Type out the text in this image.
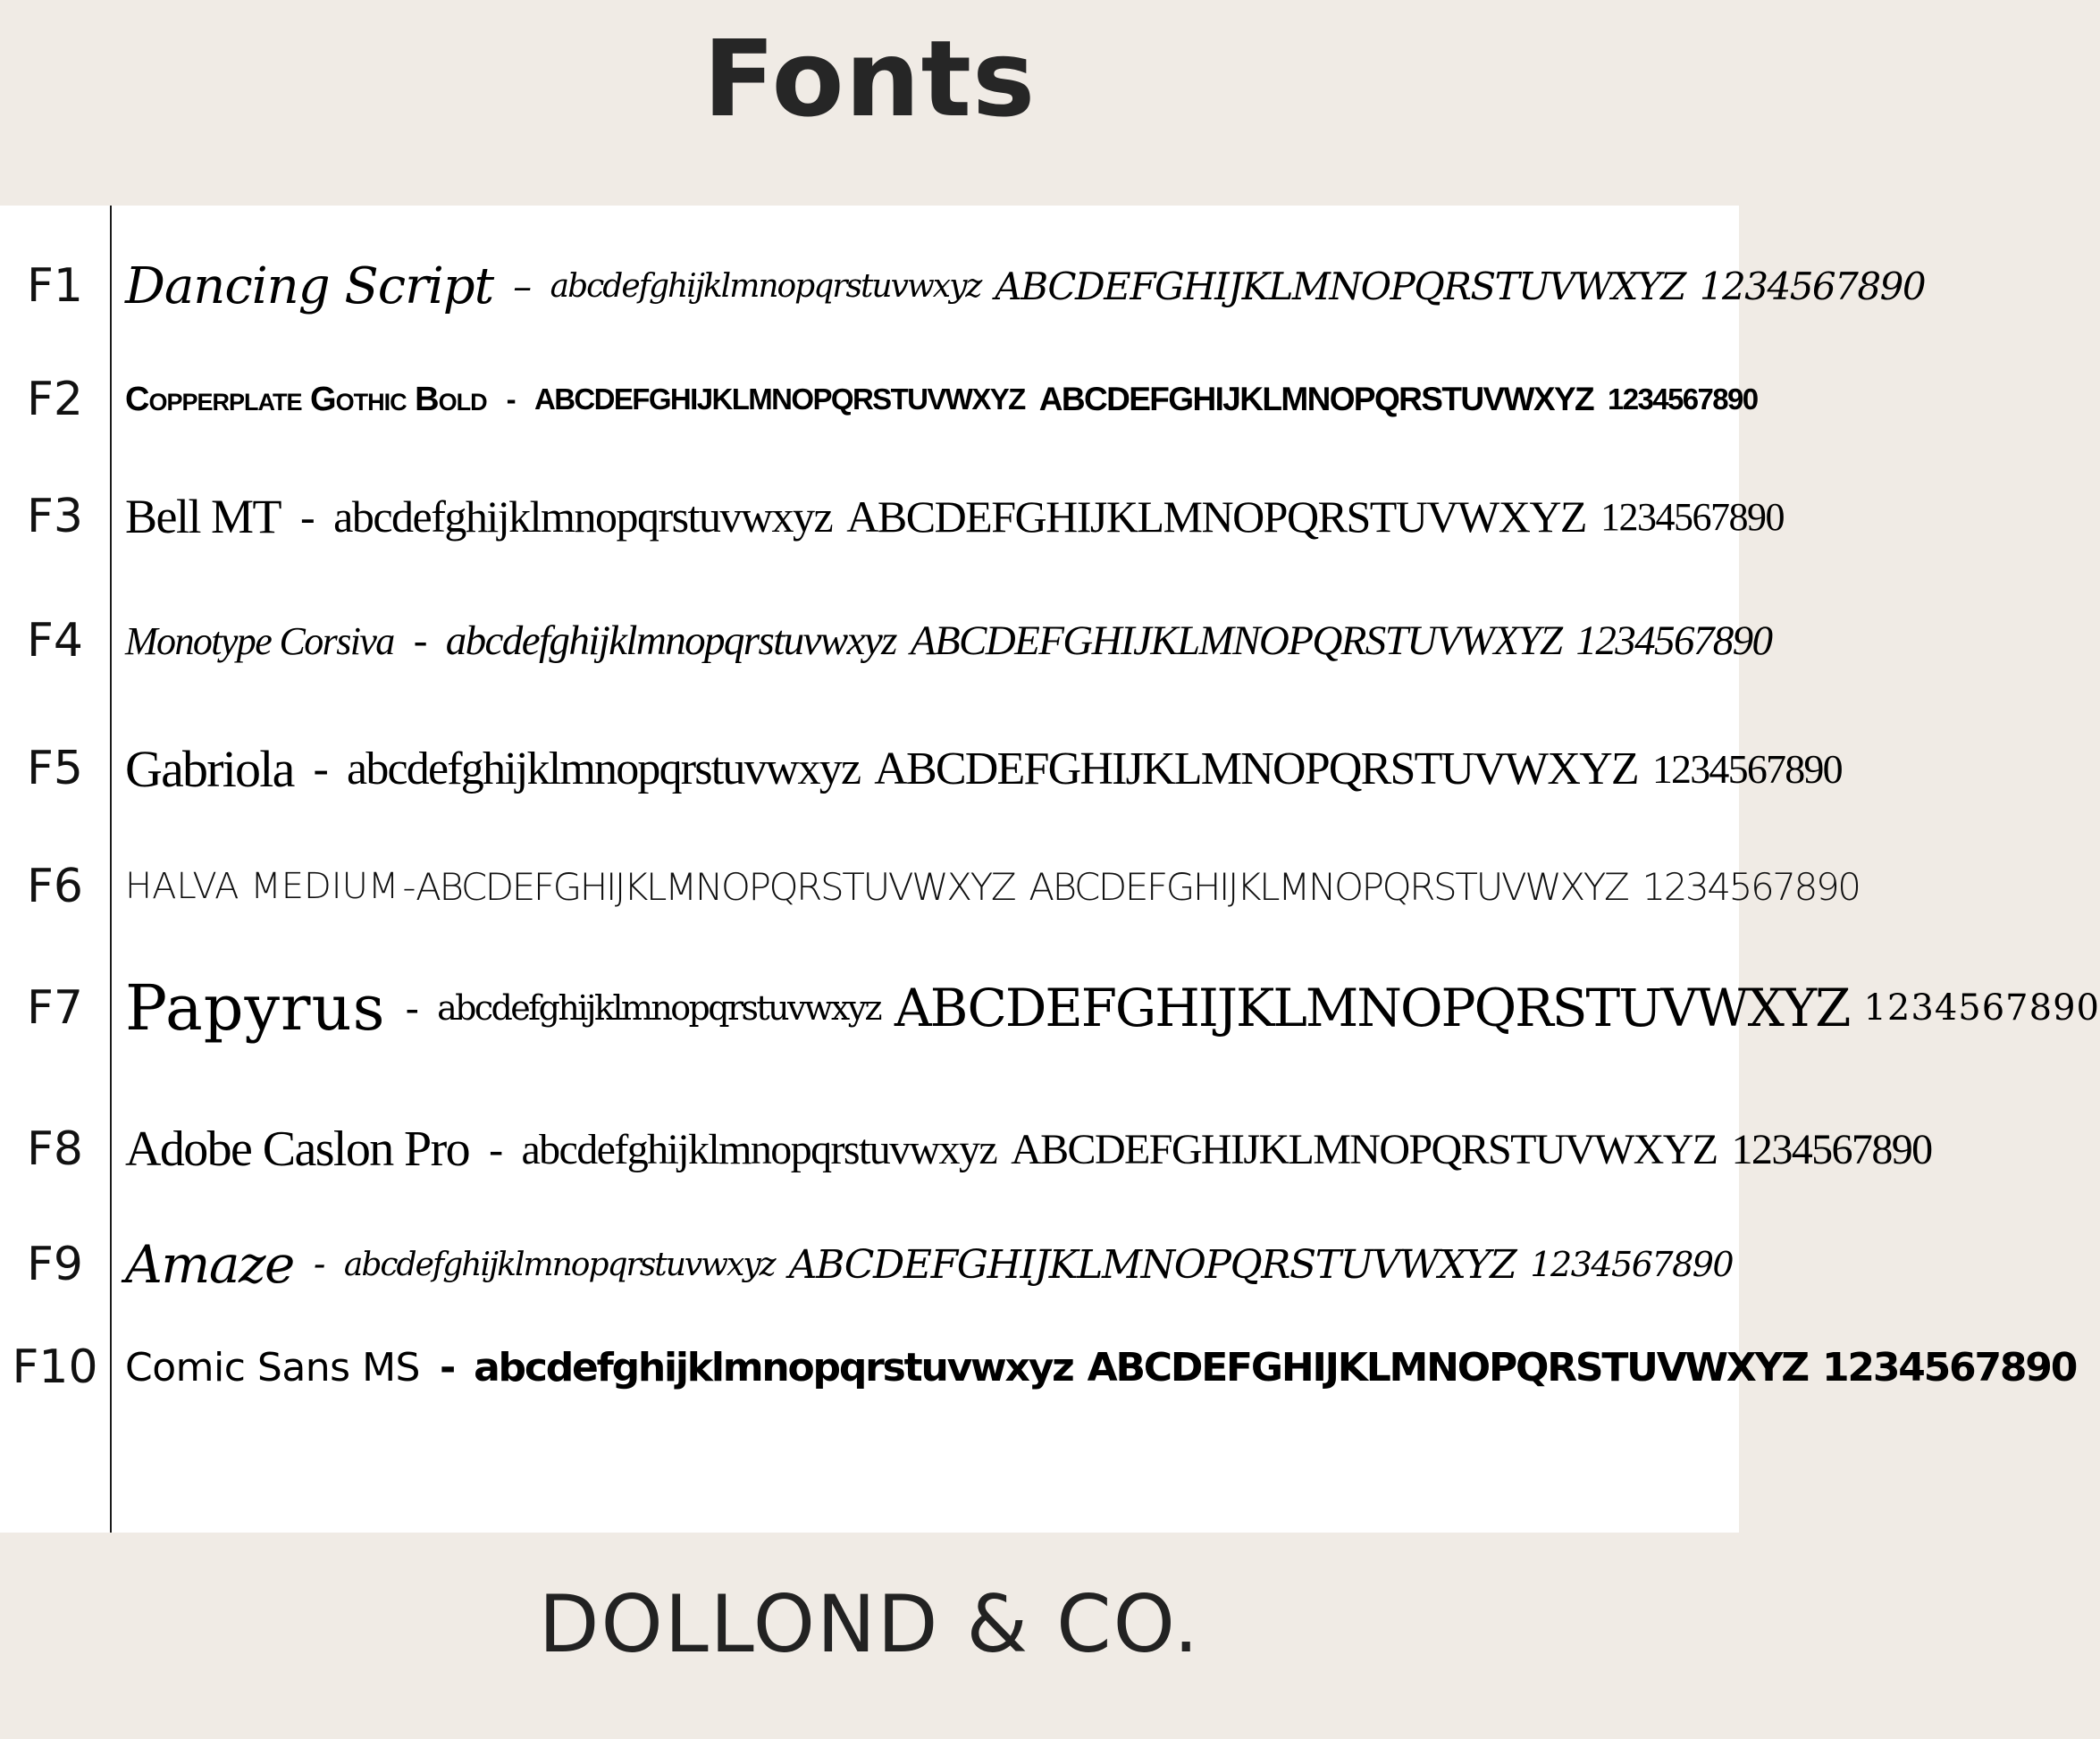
Fonts
F1 Dancing Script – abcdefghijklmnopqrstuvwxyz ABCDEFGHIJKLMNOPQRSTUVWXYZ 1234567890
F2	Copperplate Gothic Bold - ABCDEFGHIJKLMNOPQRSTUVWXYZ ABCDEFGHIJKLMNOPQRSTUVWXYZ 1234567890
F3 Bell MT - abcdefghijklmnopqrstuvwxyz ABCDEFGHIJKLMNOPQRSTUVWXYZ 1234567890
F4	Monotype Corsiva - abcdefghijklmnopqrstuvwxyz ABCDEFGHIJKLMNOPQRSTUVWXYZ 1234567890
F5 Gabriola - abcdefghijklmnopqrstuvwxyz ABCDEFGHIJKLMNOPQRSTUVWXYZ 1234567890
F6	HALVA MEDIUM - ABCDEFGHIJKLMNOPQRSTUVWXYZ ABCDEFGHIJKLMNOPQRSTUVWXYZ 1234567890
F7 Papyrus - abcdefghijklmnopqrstuvwxyz ABCDEFGHIJKLMNOPQRSTUVWXYZ 1234567890
F8 Adobe Caslon Pro - abcdefghijklmnopqrstuvwxyz ABCDEFGHIJKLMNOPQRSTUVWXYZ 1234567890
F9 Amaze - abcdefghijklmnopqrstuvwxyz ABCDEFGHIJKLMNOPQRSTUVWXYZ 1234567890
F10 Comic Sans MS - abcdefghijklmnopqrstuvwxyz ABCDEFGHIJKLMNOPQRSTUVWXYZ 1234567890
DOLLOND & CO.
